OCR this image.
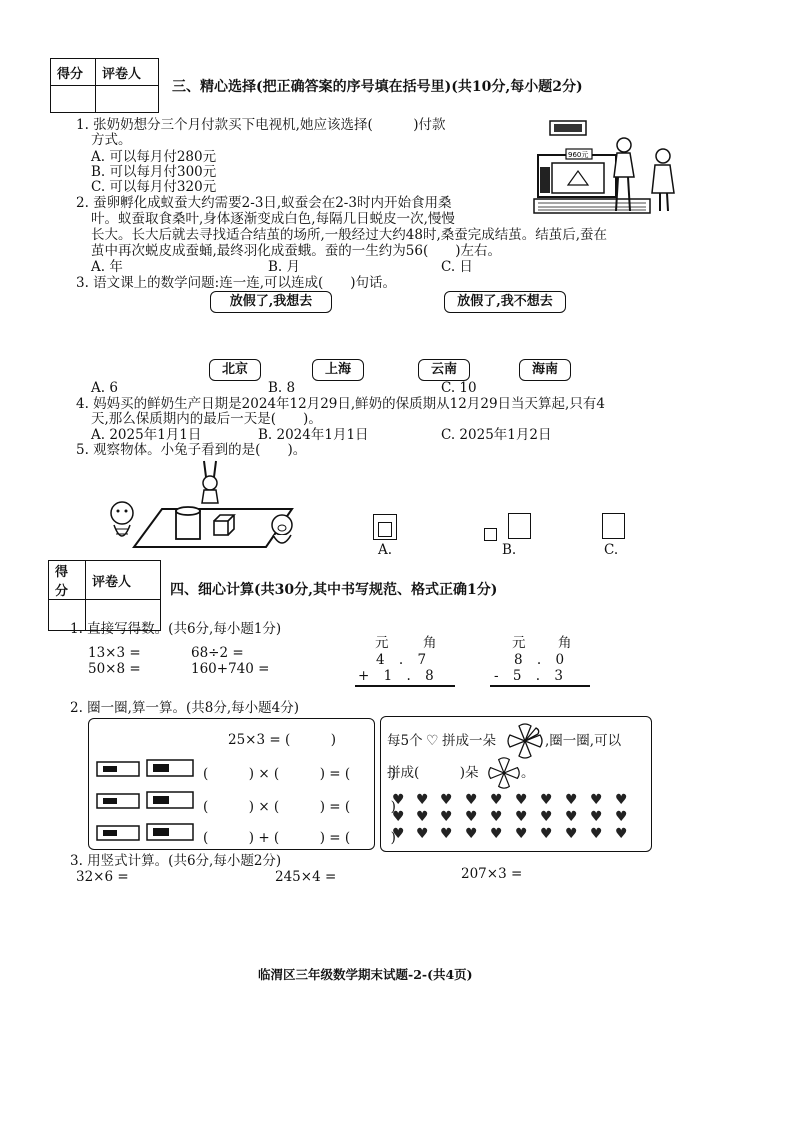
得分	评卷人

三、精心选择(把正确答案的序号填在括号里)(共10分,每小题2分)
1. 张奶奶想分三个月付款买下电视机,她应该选择(　　　)付款
方式。
A. 可以每月付280元
B. 可以每月付300元
C. 可以每月付320元
960元
2. 蚕卵孵化成蚁蚕大约需要2-3日,蚁蚕会在2-3时内开始食用桑
叶。蚁蚕取食桑叶,身体逐渐变成白色,每隔几日蜕皮一次,慢慢
长大。长大后就去寻找适合结茧的场所,一般经过大约48时,桑蚕完成结茧。结茧后,蚕在
茧中再次蜕皮成蚕蛹,最终羽化成蚕蛾。蚕的一生约为56(　　)左右。
A. 年	B. 月	C. 日
3. 语文课上的数学问题:连一连,可以连成(　　)句话。
放假了,我想去	放假了,我不想去
北京	上海	云南	海南
A. 6	B. 8	C. 10
4. 妈妈买的鲜奶生产日期是2024年12月29日,鲜奶的保质期从12月29日当天算起,只有4
天,那么保质期内的最后一天是(　　)。
A. 2025年1月1日	B. 2024年1月1日	C. 2025年1月2日
5. 观察物体。小兔子看到的是(　　)。
A.	B.	C.
得分	评卷人
		四、细心计算(共30分,其中书写规范、格式正确1分)
1. 直接写得数。(共6分,每小题1分)
13×3 =	68÷2 =
50×8 =	160+740 =
元	角
4 . 7
+ 1 . 8
元 角
8 . 0
- 5 . 3
2. 圈一圈,算一算。(共8分,每小题4分)
25×3 = (　　　)
(　　　) × (　　　) = (　　　)
(　　　) × (　　　) = (　　　)
(　　　) + (　　　) = (　　　)
每5个 ♡ 拼成一朵	,圈一圈,可以
拼成(　　　)朵	。
♥ ♥ ♥ ♥ ♥ ♥ ♥ ♥ ♥ ♥
♥ ♥ ♥ ♥ ♥ ♥ ♥ ♥ ♥ ♥
♥ ♥ ♥ ♥ ♥ ♥ ♥ ♥ ♥ ♥
3. 用竖式计算。(共6分,每小题2分)
32×6 =	245×4 =	207×3 =
临渭区三年级数学期末试题-2-(共4页)
